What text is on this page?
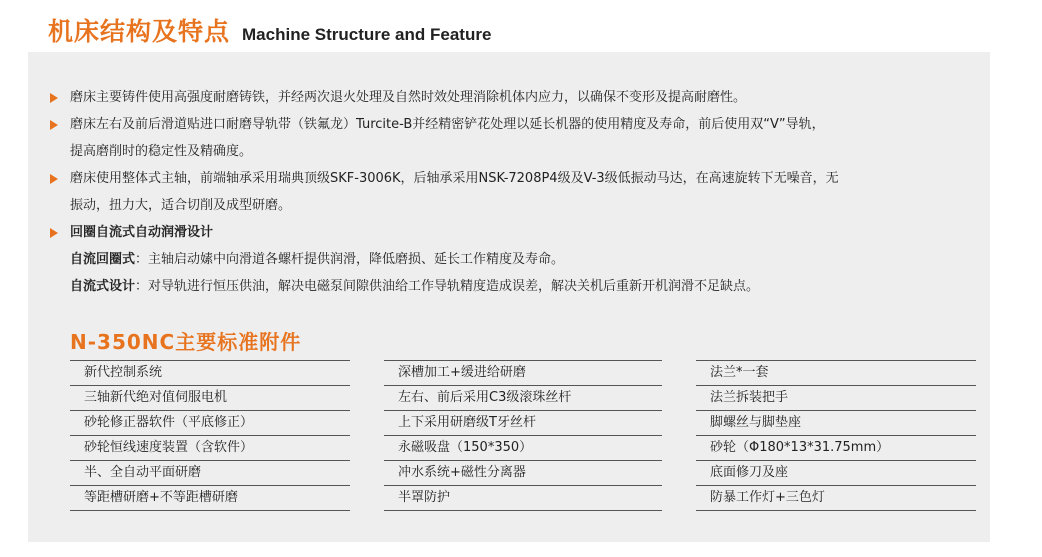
机床结构及特点 Machine Structure and Feature
磨床主要铸件使用高强度耐磨铸铁，并经两次退火处理及自然时效处理消除机体内应力，以确保不变形及提高耐磨性。
磨床左右及前后滑道贴进口耐磨导轨带（铁氟龙）Turcite-B并经精密铲花处理以延长机器的使用精度及寿命，前后使用双“V”导轨，
提高磨削时的稳定性及精确度。
磨床使用整体式主轴，前端轴承采用瑞典顶级SKF-3006K，后轴承采用NSK-7208P4级及V-3级低振动马达，在高速旋转下无噪音，无
振动，扭力大，适合切削及成型研磨。
回圈自流式自动润滑设计
自流回圈式：主轴启动嫊中向滑道各螺杆提供润滑，降低磨损、延长工作精度及寿命。
自流式设计：对导轨进行恒压供油，解决电磁泵间隙供油给工作导轨精度造成误差，解决关机后重新开机润滑不足缺点。
N-350NC主要标准附件
新代控制系统
三轴新代绝对值伺服电机
砂轮修正器软件（平底修正）
砂轮恒线速度装置（含软件）
半、全自动平面研磨
等距槽研磨+不等距槽研磨
深槽加工+缓进给研磨
左右、前后采用C3级滚珠丝杆
上下采用研磨级T牙丝杆
永磁吸盘（150*350）
冲水系统+磁性分离器
半罩防护
法兰*一套
法兰拆装把手
脚螺丝与脚垫座
砂轮（Φ180*13*31.75mm）
底面修刀及座
防暴工作灯+三色灯
